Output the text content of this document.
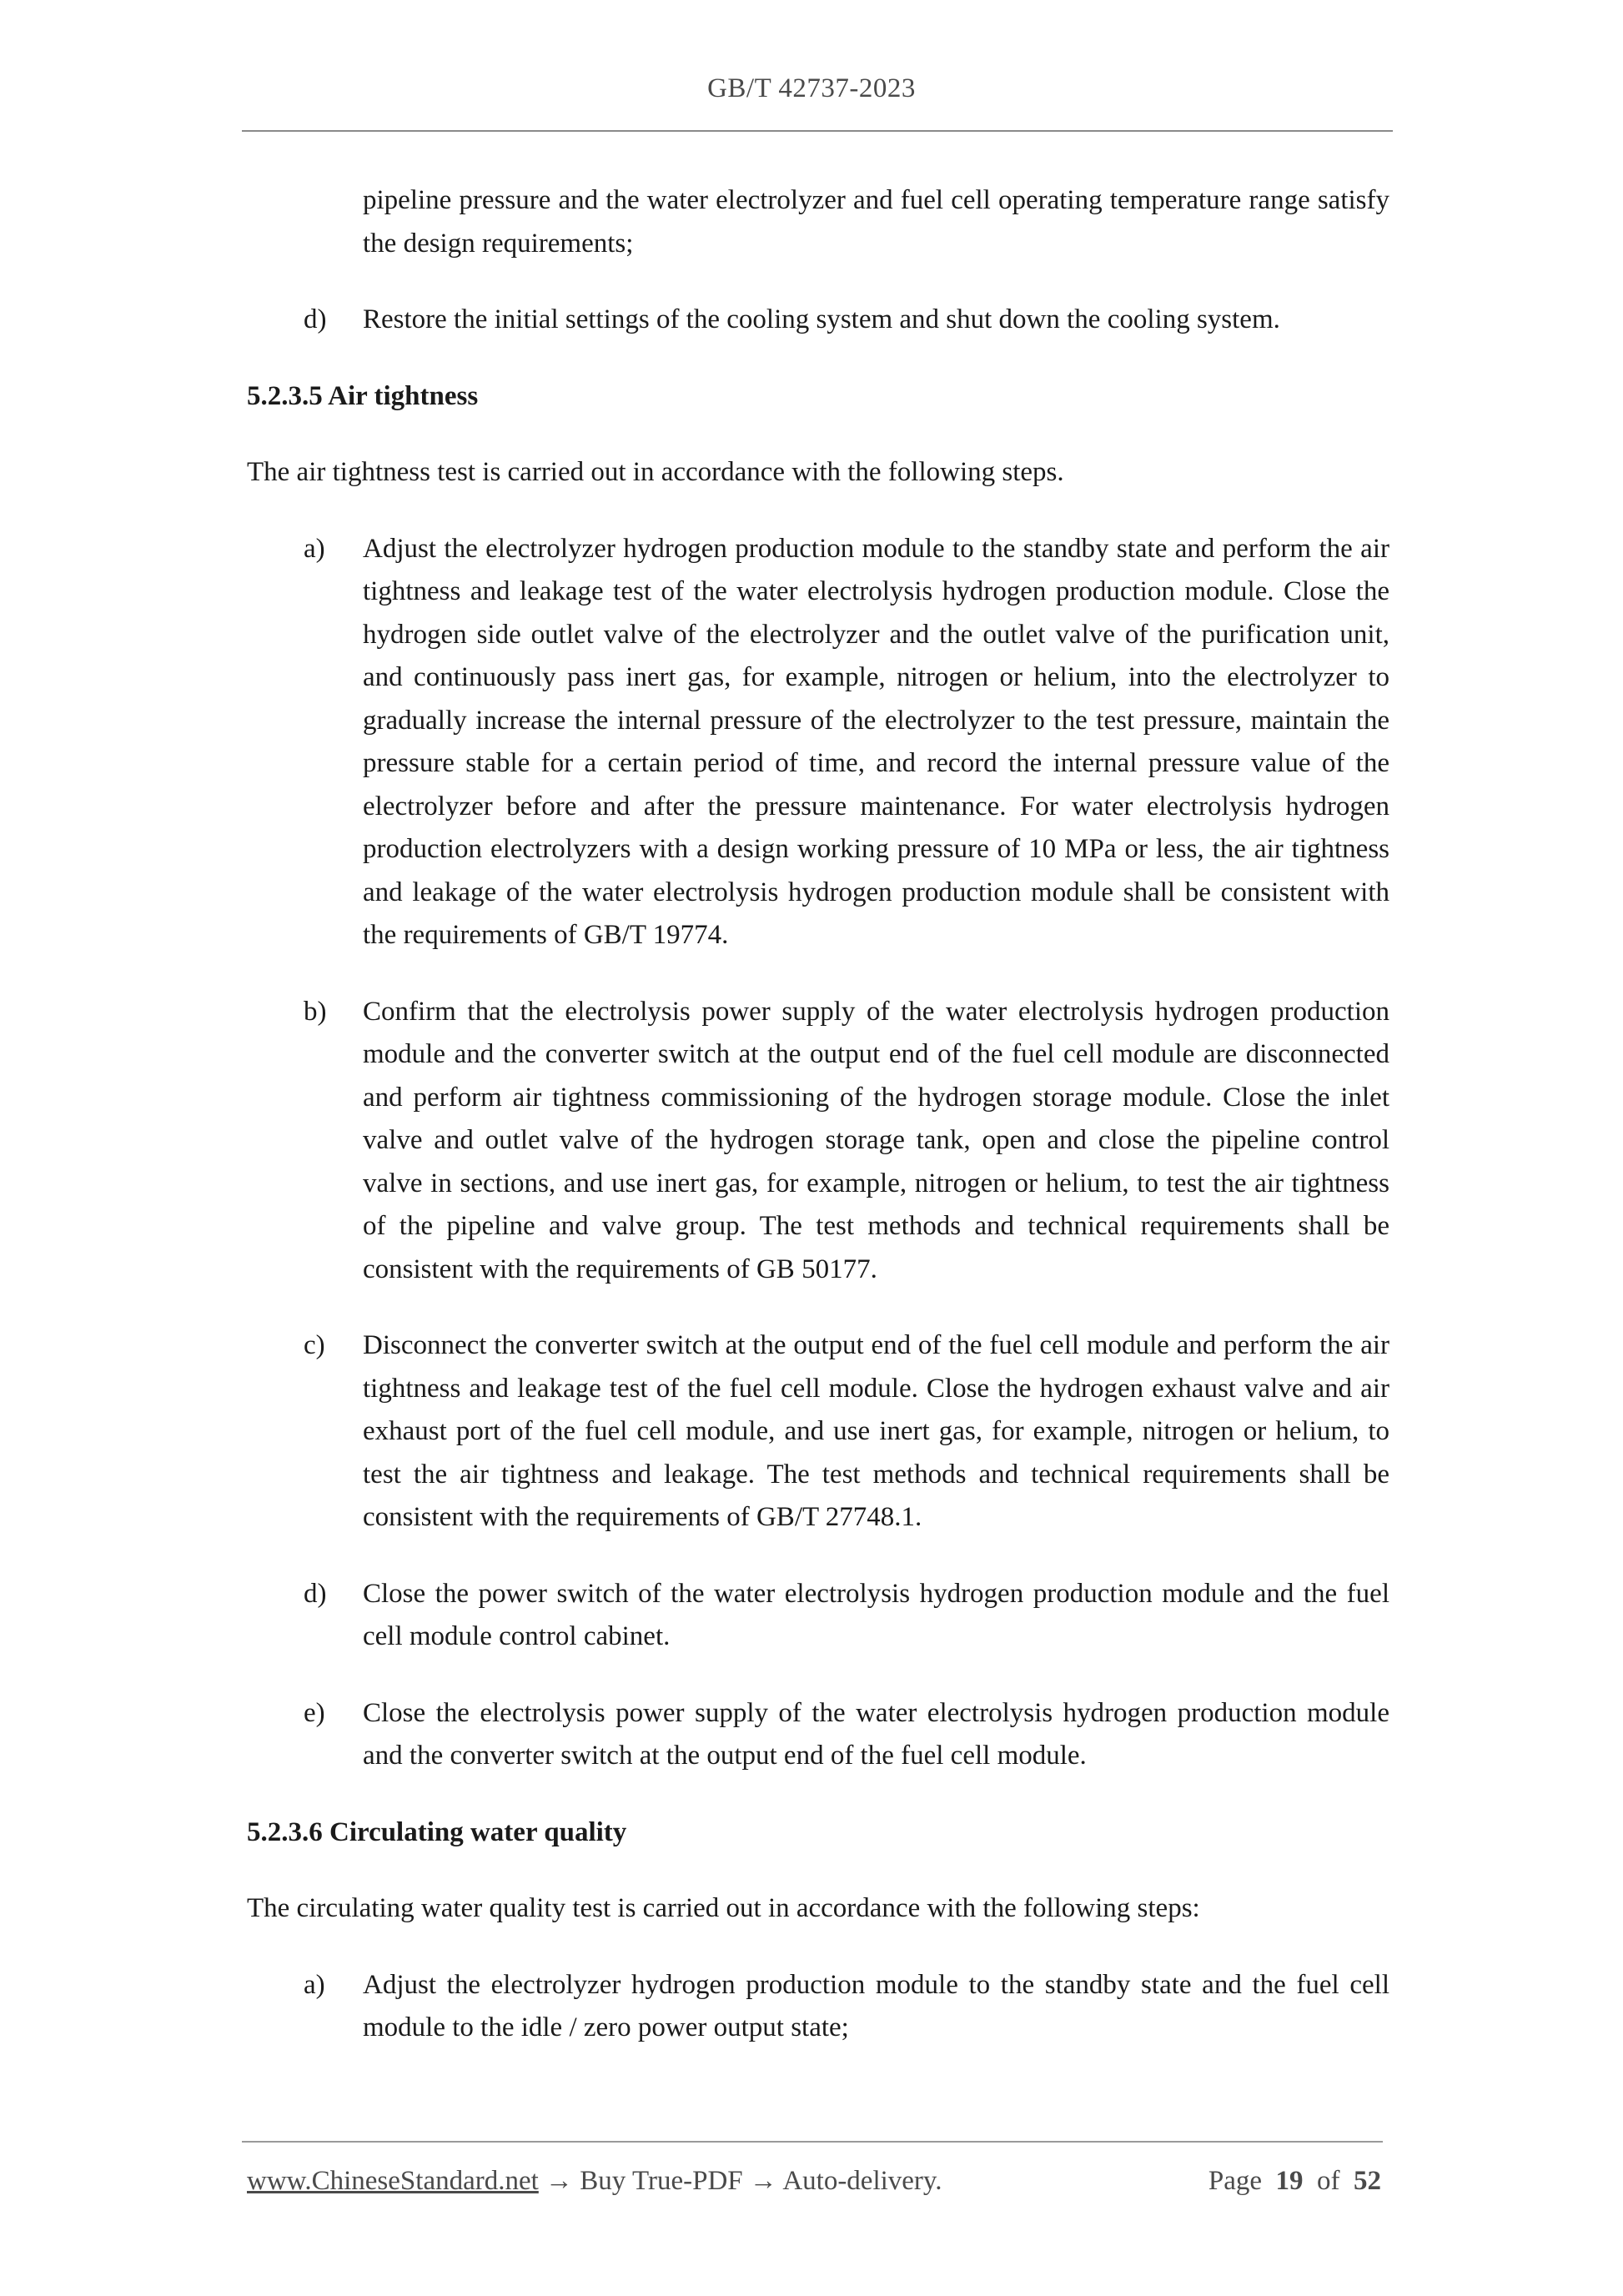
GB/T 42737-2023

pipeline pressure and the water electrolyzer and fuel cell operating temperature range satisfy the design requirements;

d) Restore the initial settings of the cooling system and shut down the cooling system.

5.2.3.5 Air tightness

The air tightness test is carried out in accordance with the following steps.

a) Adjust the electrolyzer hydrogen production module to the standby state and perform the air tightness and leakage test of the water electrolysis hydrogen production module. Close the hydrogen side outlet valve of the electrolyzer and the outlet valve of the purification unit, and continuously pass inert gas, for example, nitrogen or helium, into the electrolyzer to gradually increase the internal pressure of the electrolyzer to the test pressure, maintain the pressure stable for a certain period of time, and record the internal pressure value of the electrolyzer before and after the pressure maintenance. For water electrolysis hydrogen production electrolyzers with a design working pressure of 10 MPa or less, the air tightness and leakage of the water electrolysis hydrogen production module shall be consistent with the requirements of GB/T 19774.
b) Confirm that the electrolysis power supply of the water electrolysis hydrogen production module and the converter switch at the output end of the fuel cell module are disconnected and perform air tightness commissioning of the hydrogen storage module. Close the inlet valve and outlet valve of the hydrogen storage tank, open and close the pipeline control valve in sections, and use inert gas, for example, nitrogen or helium, to test the air tightness of the pipeline and valve group. The test methods and technical requirements shall be consistent with the requirements of GB 50177.
c) Disconnect the converter switch at the output end of the fuel cell module and perform the air tightness and leakage test of the fuel cell module. Close the hydrogen exhaust valve and air exhaust port of the fuel cell module, and use inert gas, for example, nitrogen or helium, to test the air tightness and leakage. The test methods and technical requirements shall be consistent with the requirements of GB/T 27748.1.
d) Close the power switch of the water electrolysis hydrogen production module and the fuel cell module control cabinet.
e) Close the electrolysis power supply of the water electrolysis hydrogen production module and the converter switch at the output end of the fuel cell module.

5.2.3.6 Circulating water quality

The circulating water quality test is carried out in accordance with the following steps:

a) Adjust the electrolyzer hydrogen production module to the standby state and the fuel cell module to the idle / zero power output state;
www.ChineseStandard.net → Buy True-PDF → Auto-delivery.	Page 19 of 52
